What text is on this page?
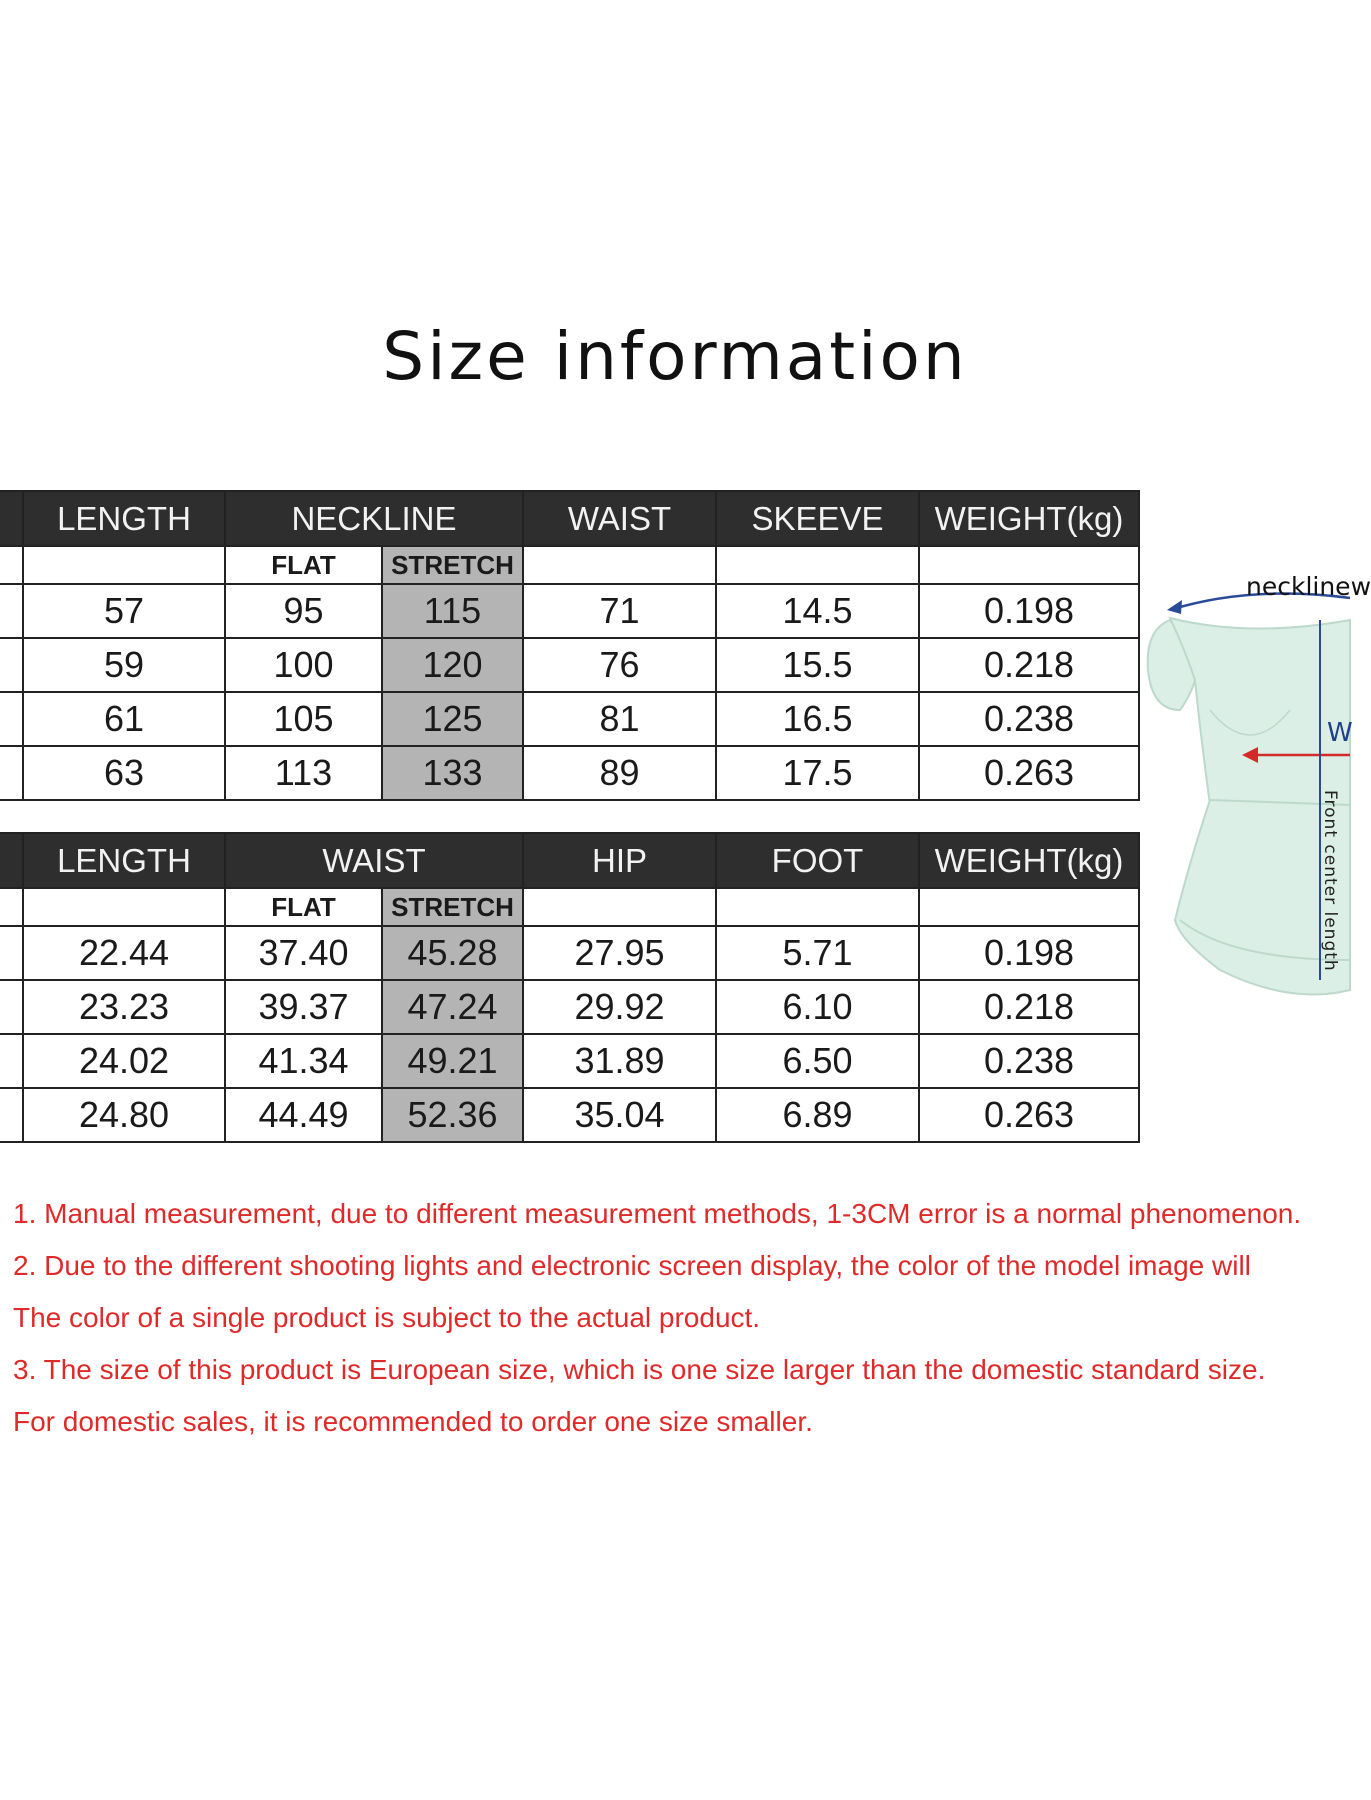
Size information
	LENGTH	NECKLINE		WAIST	SKEEVE	WEIGHT(kg)
		FLAT	STRETCH			
	57	95	115	71	14.5	0.198
	59	100	120	76	15.5	0.218
	61	105	125	81	16.5	0.238
	63	113	133	89	17.5	0.263
	LENGTH	WAIST		HIP	FOOT	WEIGHT(kg)
		FLAT	STRETCH			
	22.44	37.40	45.28	27.95	5.71	0.198
	23.23	39.37	47.24	29.92	6.10	0.218
	24.02	41.34	49.21	31.89	6.50	0.238
	24.80	44.49	52.36	35.04	6.89	0.263
necklinew
W
Front center length
1. Manual measurement, due to different measurement methods, 1-3CM error is a normal phenomenon.
2. Due to the different shooting lights and electronic screen display, the color of the model image will
The color of a single product is subject to the actual product.
3. The size of this product is European size, which is one size larger than the domestic standard size.
For domestic sales, it is recommended to order one size smaller.
